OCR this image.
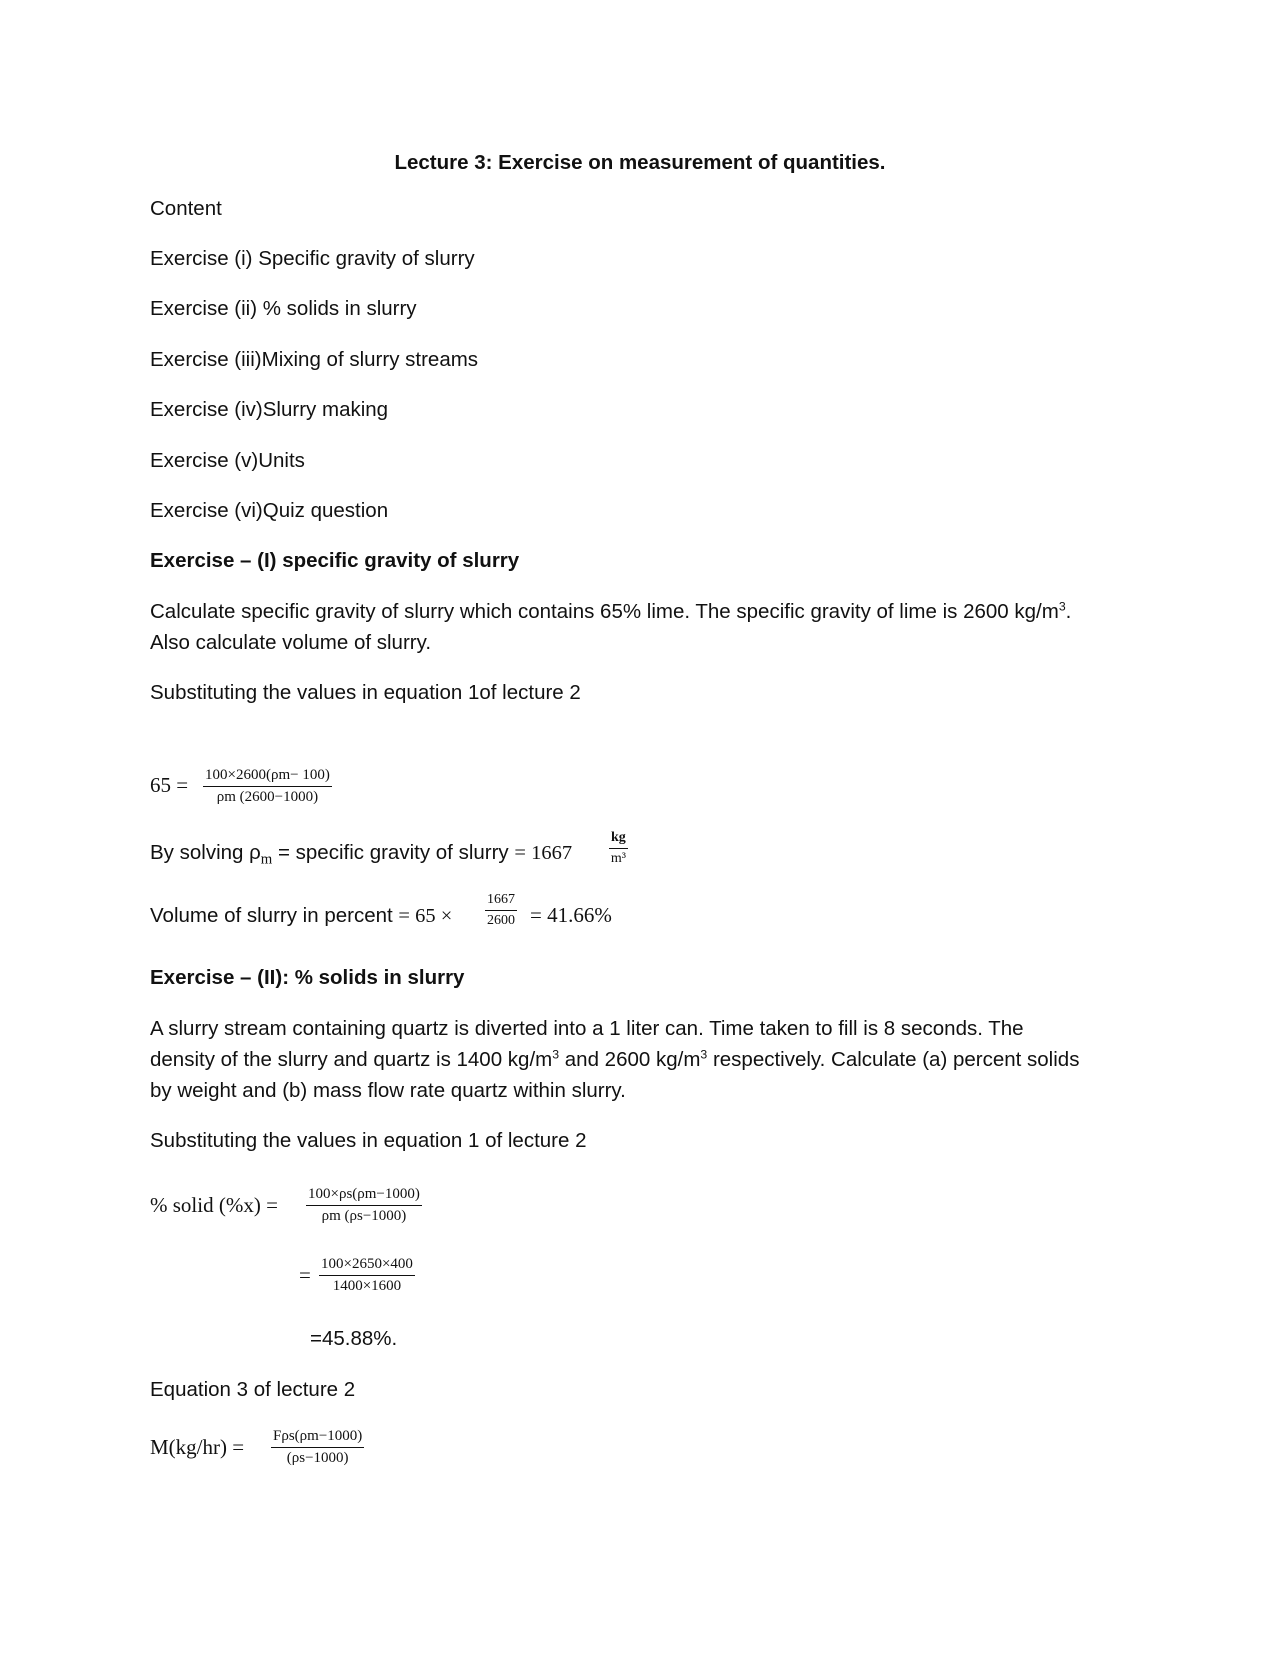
Lecture 3: Exercise on measurement of quantities.
Content
Exercise (i) Specific gravity of slurry
Exercise (ii) % solids in slurry
Exercise (iii)Mixing of slurry streams
Exercise (iv)Slurry making
Exercise (v)Units
Exercise (vi)Quiz question
Exercise – (I) specific gravity of slurry
Calculate specific gravity of slurry which contains 65% lime. The specific gravity of lime is 2600 $kg/m^3$.
Also calculate volume of slurry.
Substituting the values in equation 1of lecture 2
$65 = \frac{100\times 2600(\rho m- 100)}{\rho m (2600-1000)}$
By solving $\rho_m$ = specific gravity of slurry = 1667	$\frac{kg}{\text{m³}}$
Volume of slurry in percent = $65 \times \frac{1667}{2600} = 41.66\%$
Exercise – (II): % solids in slurry
A slurry stream containing quartz is diverted into a 1 liter can. Time taken to fill is 8 seconds. The
density of the slurry and quartz is 1400 $kg/m^3$ and 2600 $kg/m^3$ respectively. Calculate (a) percent solids
by weight and (b) mass flow rate quartz within slurry.
Substituting the values in equation 1 of lecture 2
% solid $(\%x) = \frac{100\times\rho s(\rho m-1000)}{\rho m (\rho s-1000)}$
= $\frac{100\times 2650\times 400}{1400\times 1600}$
=45.88%.
Equation 3 of lecture 2
M(kg/hr) = Fρs(ρm−1000)
(ρs−1000)
